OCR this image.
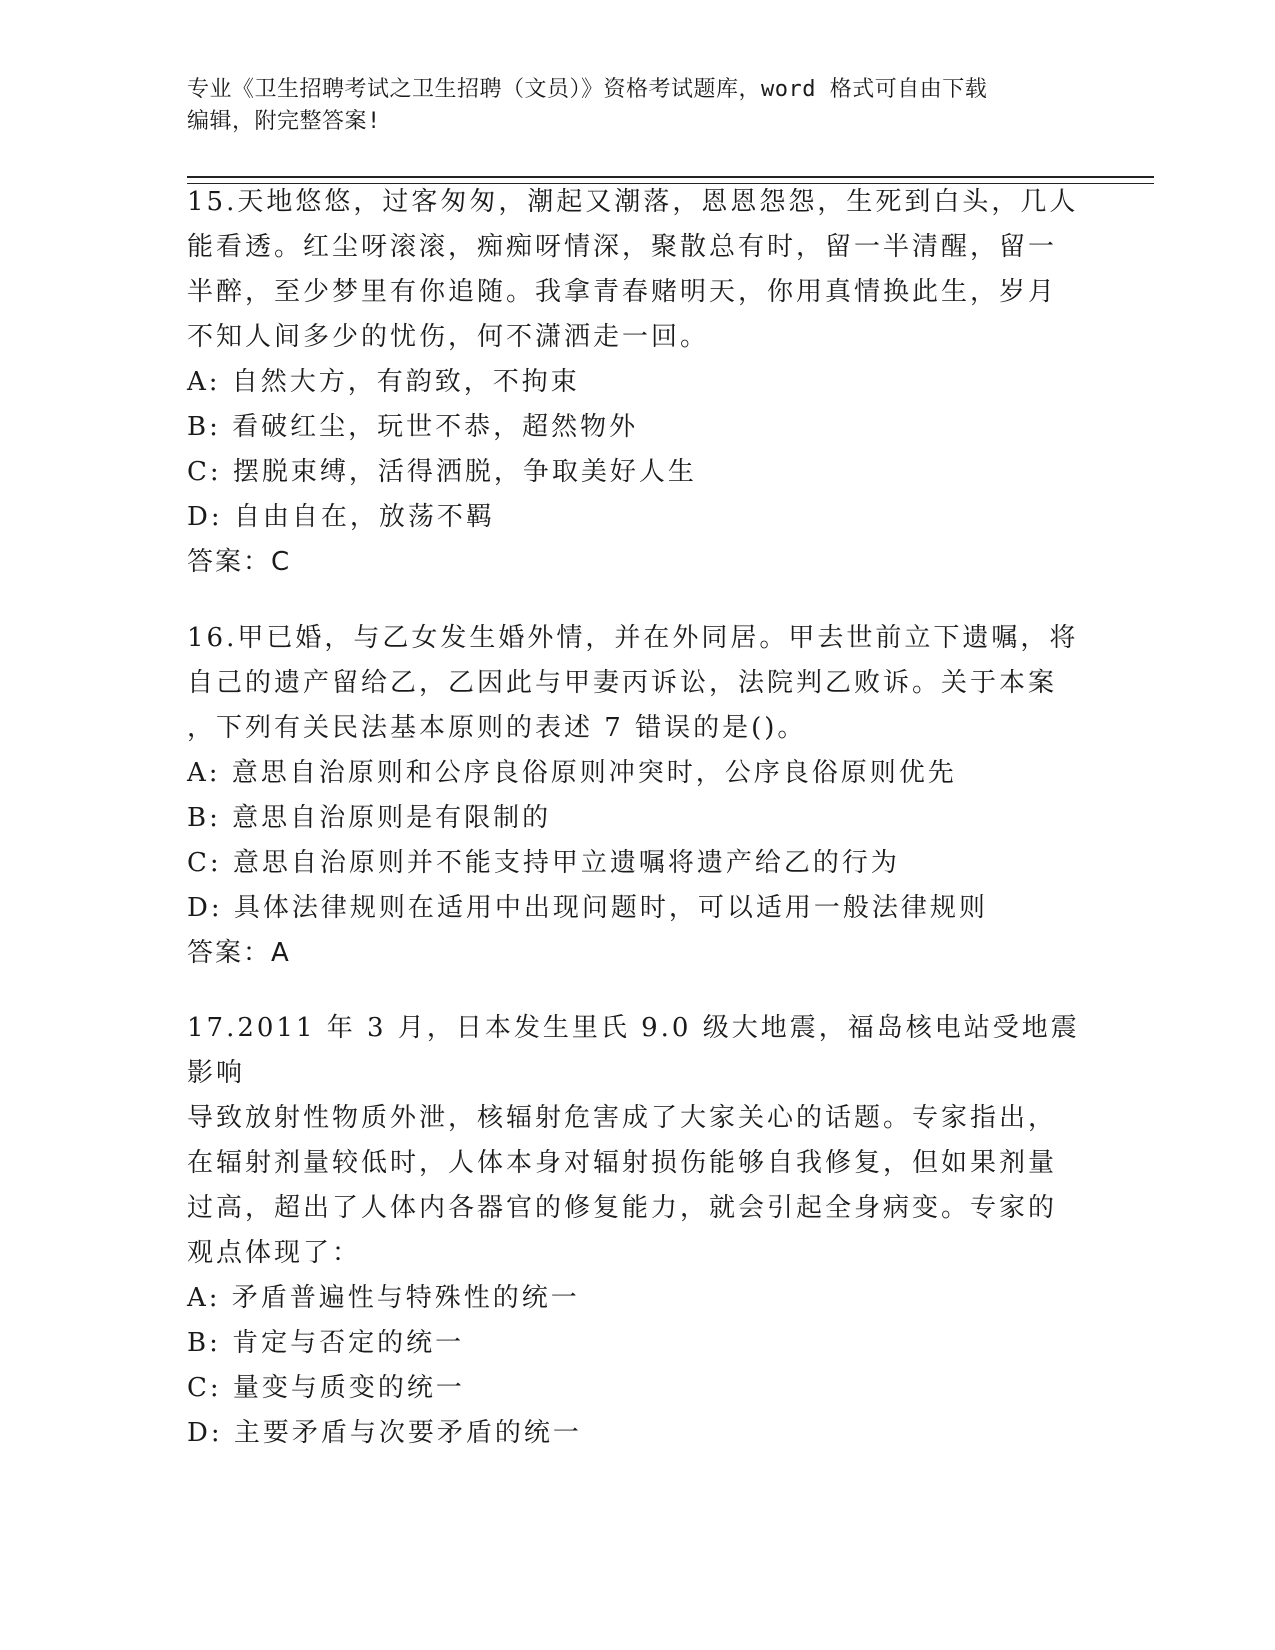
专业《卫生招聘考试之卫生招聘（文员）》资格考试题库，word 格式可自由下载
编辑，附完整答案!
15.天地悠悠，过客匆匆，潮起又潮落，恩恩怨怨，生死到白头，几人
能看透。红尘呀滚滚，痴痴呀情深，聚散总有时，留一半清醒，留一
半醉，至少梦里有你追随。我拿青春赌明天，你用真情换此生，岁月
不知人间多少的忧伤，何不潇洒走一回。
A: 自然大方，有韵致，不拘束
B: 看破红尘，玩世不恭，超然物外
C: 摆脱束缚，活得洒脱，争取美好人生
D: 自由自在，放荡不羁
答案：C
16.甲已婚，与乙女发生婚外情，并在外同居。甲去世前立下遗嘱，将
自己的遗产留给乙，乙因此与甲妻丙诉讼，法院判乙败诉。关于本案
，下列有关民法基本原则的表述 7 错误的是()。
A: 意思自治原则和公序良俗原则冲突时，公序良俗原则优先
B: 意思自治原则是有限制的
C: 意思自治原则并不能支持甲立遗嘱将遗产给乙的行为
D: 具体法律规则在适用中出现问题时，可以适用一般法律规则
答案：A
17.2011 年 3 月，日本发生里氏 9.0 级大地震，福岛核电站受地震影响
导致放射性物质外泄，核辐射危害成了大家关心的话题。专家指出，
在辐射剂量较低时，人体本身对辐射损伤能够自我修复，但如果剂量
过高，超出了人体内各器官的修复能力，就会引起全身病变。专家的
观点体现了：
A: 矛盾普遍性与特殊性的统一
B: 肯定与否定的统一
C: 量变与质变的统一
D: 主要矛盾与次要矛盾的统一
